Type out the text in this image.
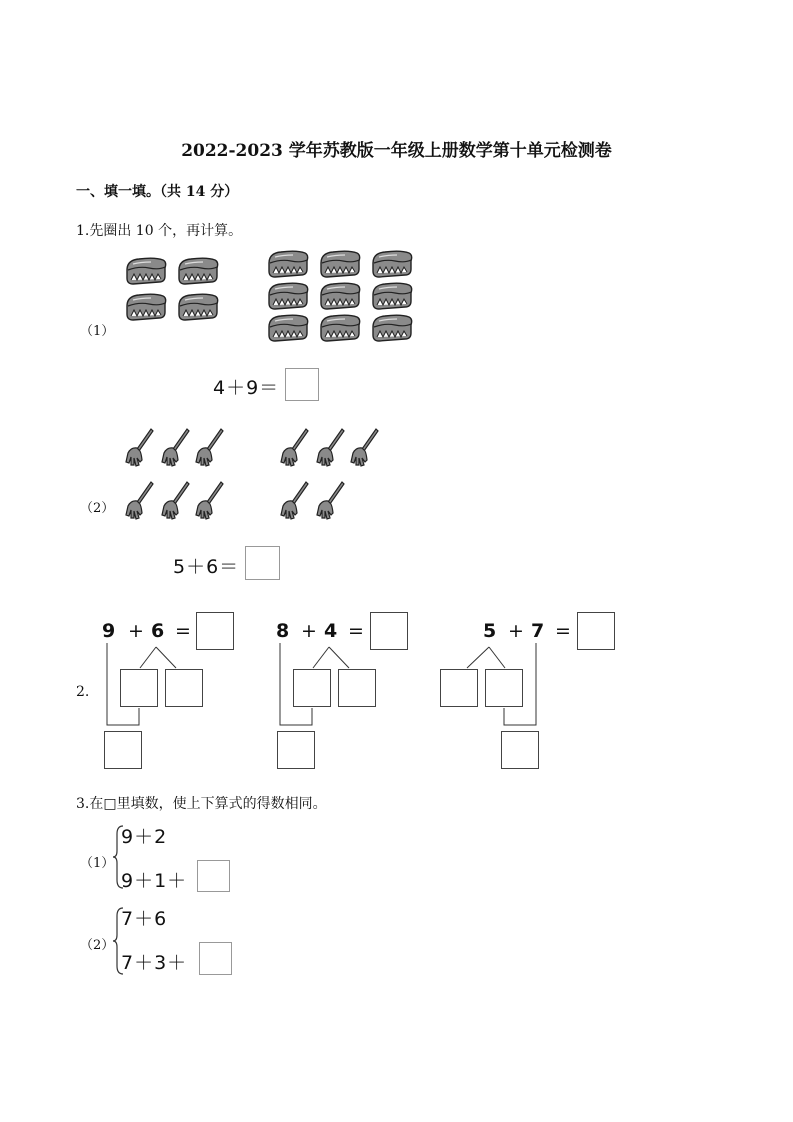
2022-2023 学年苏教版一年级上册数学第十单元检测卷
一、填一填。（共 14 分）
1.先圈出 10 个，再计算。
（1）
4＋9＝
（2）
5＋6＝
2.
9 + 6 =	8 + 4 =	5 + 7 =
3.在□里填数，使上下算式的得数相同。
（1）
9＋2
9＋1＋
（2）
7＋6
7＋3＋
